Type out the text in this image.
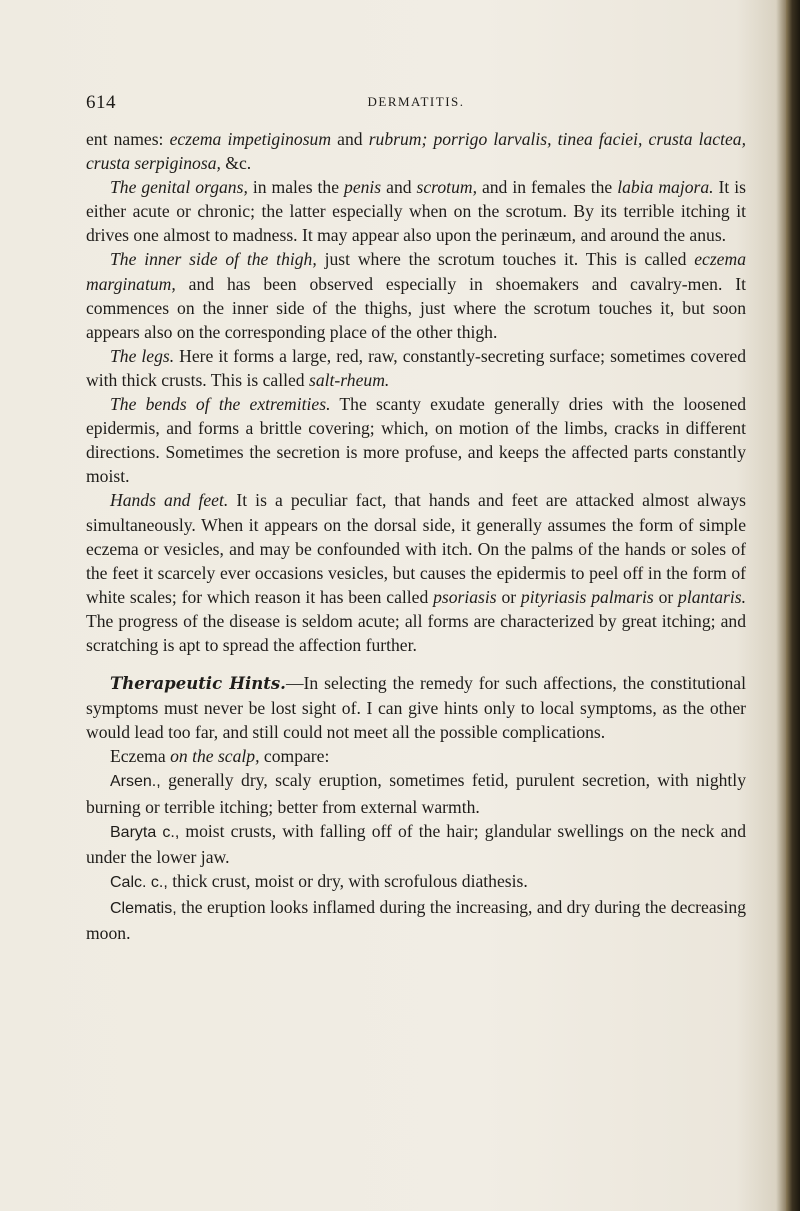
614	DERMATITIS.

ent names: eczema impetiginosum and rubrum; porrigo larvalis, tinea faciei, crusta lactea, crusta serpiginosa, &c.

The genital organs, in males the penis and scrotum, and in females the labia majora. It is either acute or chronic; the latter especially when on the scrotum. By its terrible itching it drives one almost to madness. It may appear also upon the perinæum, and around the anus.

The inner side of the thigh, just where the scrotum touches it. This is called eczema marginatum, and has been observed especially in shoemakers and cavalry-men. It commences on the inner side of the thighs, just where the scrotum touches it, but soon appears also on the corresponding place of the other thigh.

The legs. Here it forms a large, red, raw, constantly-secreting surface; sometimes covered with thick crusts. This is called salt-rheum.

The bends of the extremities. The scanty exudate generally dries with the loosened epidermis, and forms a brittle covering; which, on motion of the limbs, cracks in different directions. Sometimes the secretion is more profuse, and keeps the affected parts constantly moist.

Hands and feet. It is a peculiar fact, that hands and feet are attacked almost always simultaneously. When it appears on the dorsal side, it generally assumes the form of simple eczema or vesicles, and may be confounded with itch. On the palms of the hands or soles of the feet it scarcely ever occasions vesicles, but causes the epidermis to peel off in the form of white scales; for which reason it has been called psoriasis or pityriasis palmaris or plantaris. The progress of the disease is seldom acute; all forms are characterized by great itching; and scratching is apt to spread the affection further.

Therapeutic Hints.—In selecting the remedy for such affections, the constitutional symptoms must never be lost sight of. I can give hints only to local symptoms, as the other would lead too far, and still could not meet all the possible complications.

Eczema on the scalp, compare:

Arsen., generally dry, scaly eruption, sometimes fetid, purulent secretion, with nightly burning or terrible itching; better from external warmth.

Baryta c., moist crusts, with falling off of the hair; glandular swellings on the neck and under the lower jaw.

Calc. c., thick crust, moist or dry, with scrofulous diathesis.

Clematis, the eruption looks inflamed during the increasing, and dry during the decreasing moon.
